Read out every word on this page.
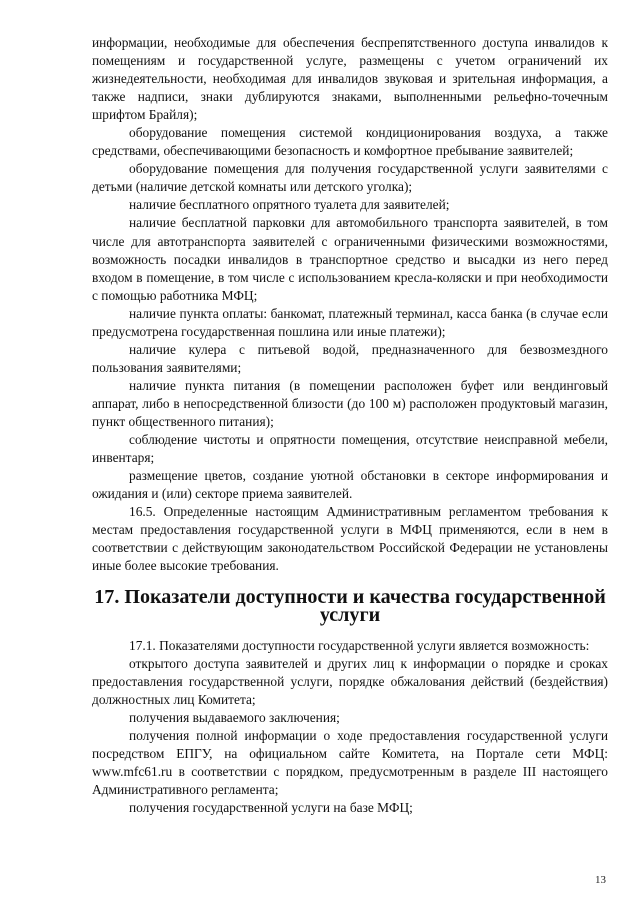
информации, необходимые для обеспечения беспрепятственного доступа инвалидов к помещениям и государственной услуге, размещены с учетом ограничений их жизнедеятельности, необходимая для инвалидов звуковая и зрительная информация, а также надписи, знаки дублируются знаками, выполненными рельефно-точечным шрифтом Брайля);

оборудование помещения системой кондиционирования воздуха, а также средствами, обеспечивающими безопасность и комфортное пребывание заявителей;

оборудование помещения для получения государственной услуги заявителями с детьми (наличие детской комнаты или детского уголка);

наличие бесплатного опрятного туалета для заявителей;

наличие бесплатной парковки для автомобильного транспорта заявителей, в том числе для автотранспорта заявителей с ограниченными физическими возможностями, возможность посадки инвалидов в транспортное средство и высадки из него перед входом в помещение, в том числе с использованием кресла-коляски и при необходимости с помощью работника МФЦ;

наличие пункта оплаты: банкомат, платежный терминал, касса банка (в случае если предусмотрена государственная пошлина или иные платежи);

наличие кулера с питьевой водой, предназначенного для безвозмездного пользования заявителями;

наличие пункта питания (в помещении расположен буфет или вендинговый аппарат, либо в непосредственной близости (до 100 м) расположен продуктовый магазин, пункт общественного питания);

соблюдение чистоты и опрятности помещения, отсутствие неисправной мебели, инвентаря;

размещение цветов, создание уютной обстановки в секторе информирования и ожидания и (или) секторе приема заявителей.

16.5. Определенные настоящим Административным регламентом требования к местам предоставления государственной услуги в МФЦ применяются, если в нем в соответствии с действующим законодательством Российской Федерации не установлены иные более высокие требования.

17. Показатели доступности и качества государственной услуги

17.1. Показателями доступности государственной услуги является возможность:

открытого доступа заявителей и других лиц к информации о порядке и сроках предоставления государственной услуги, порядке обжалования действий (бездействия) должностных лиц Комитета;

получения выдаваемого заключения;

получения полной информации о ходе предоставления государственной услуги посредством ЕПГУ, на официальном сайте Комитета, на Портале сети МФЦ: www.mfc61.ru в соответствии с порядком, предусмотренным в разделе III настоящего Административного регламента;

получения государственной услуги на базе МФЦ;

13
